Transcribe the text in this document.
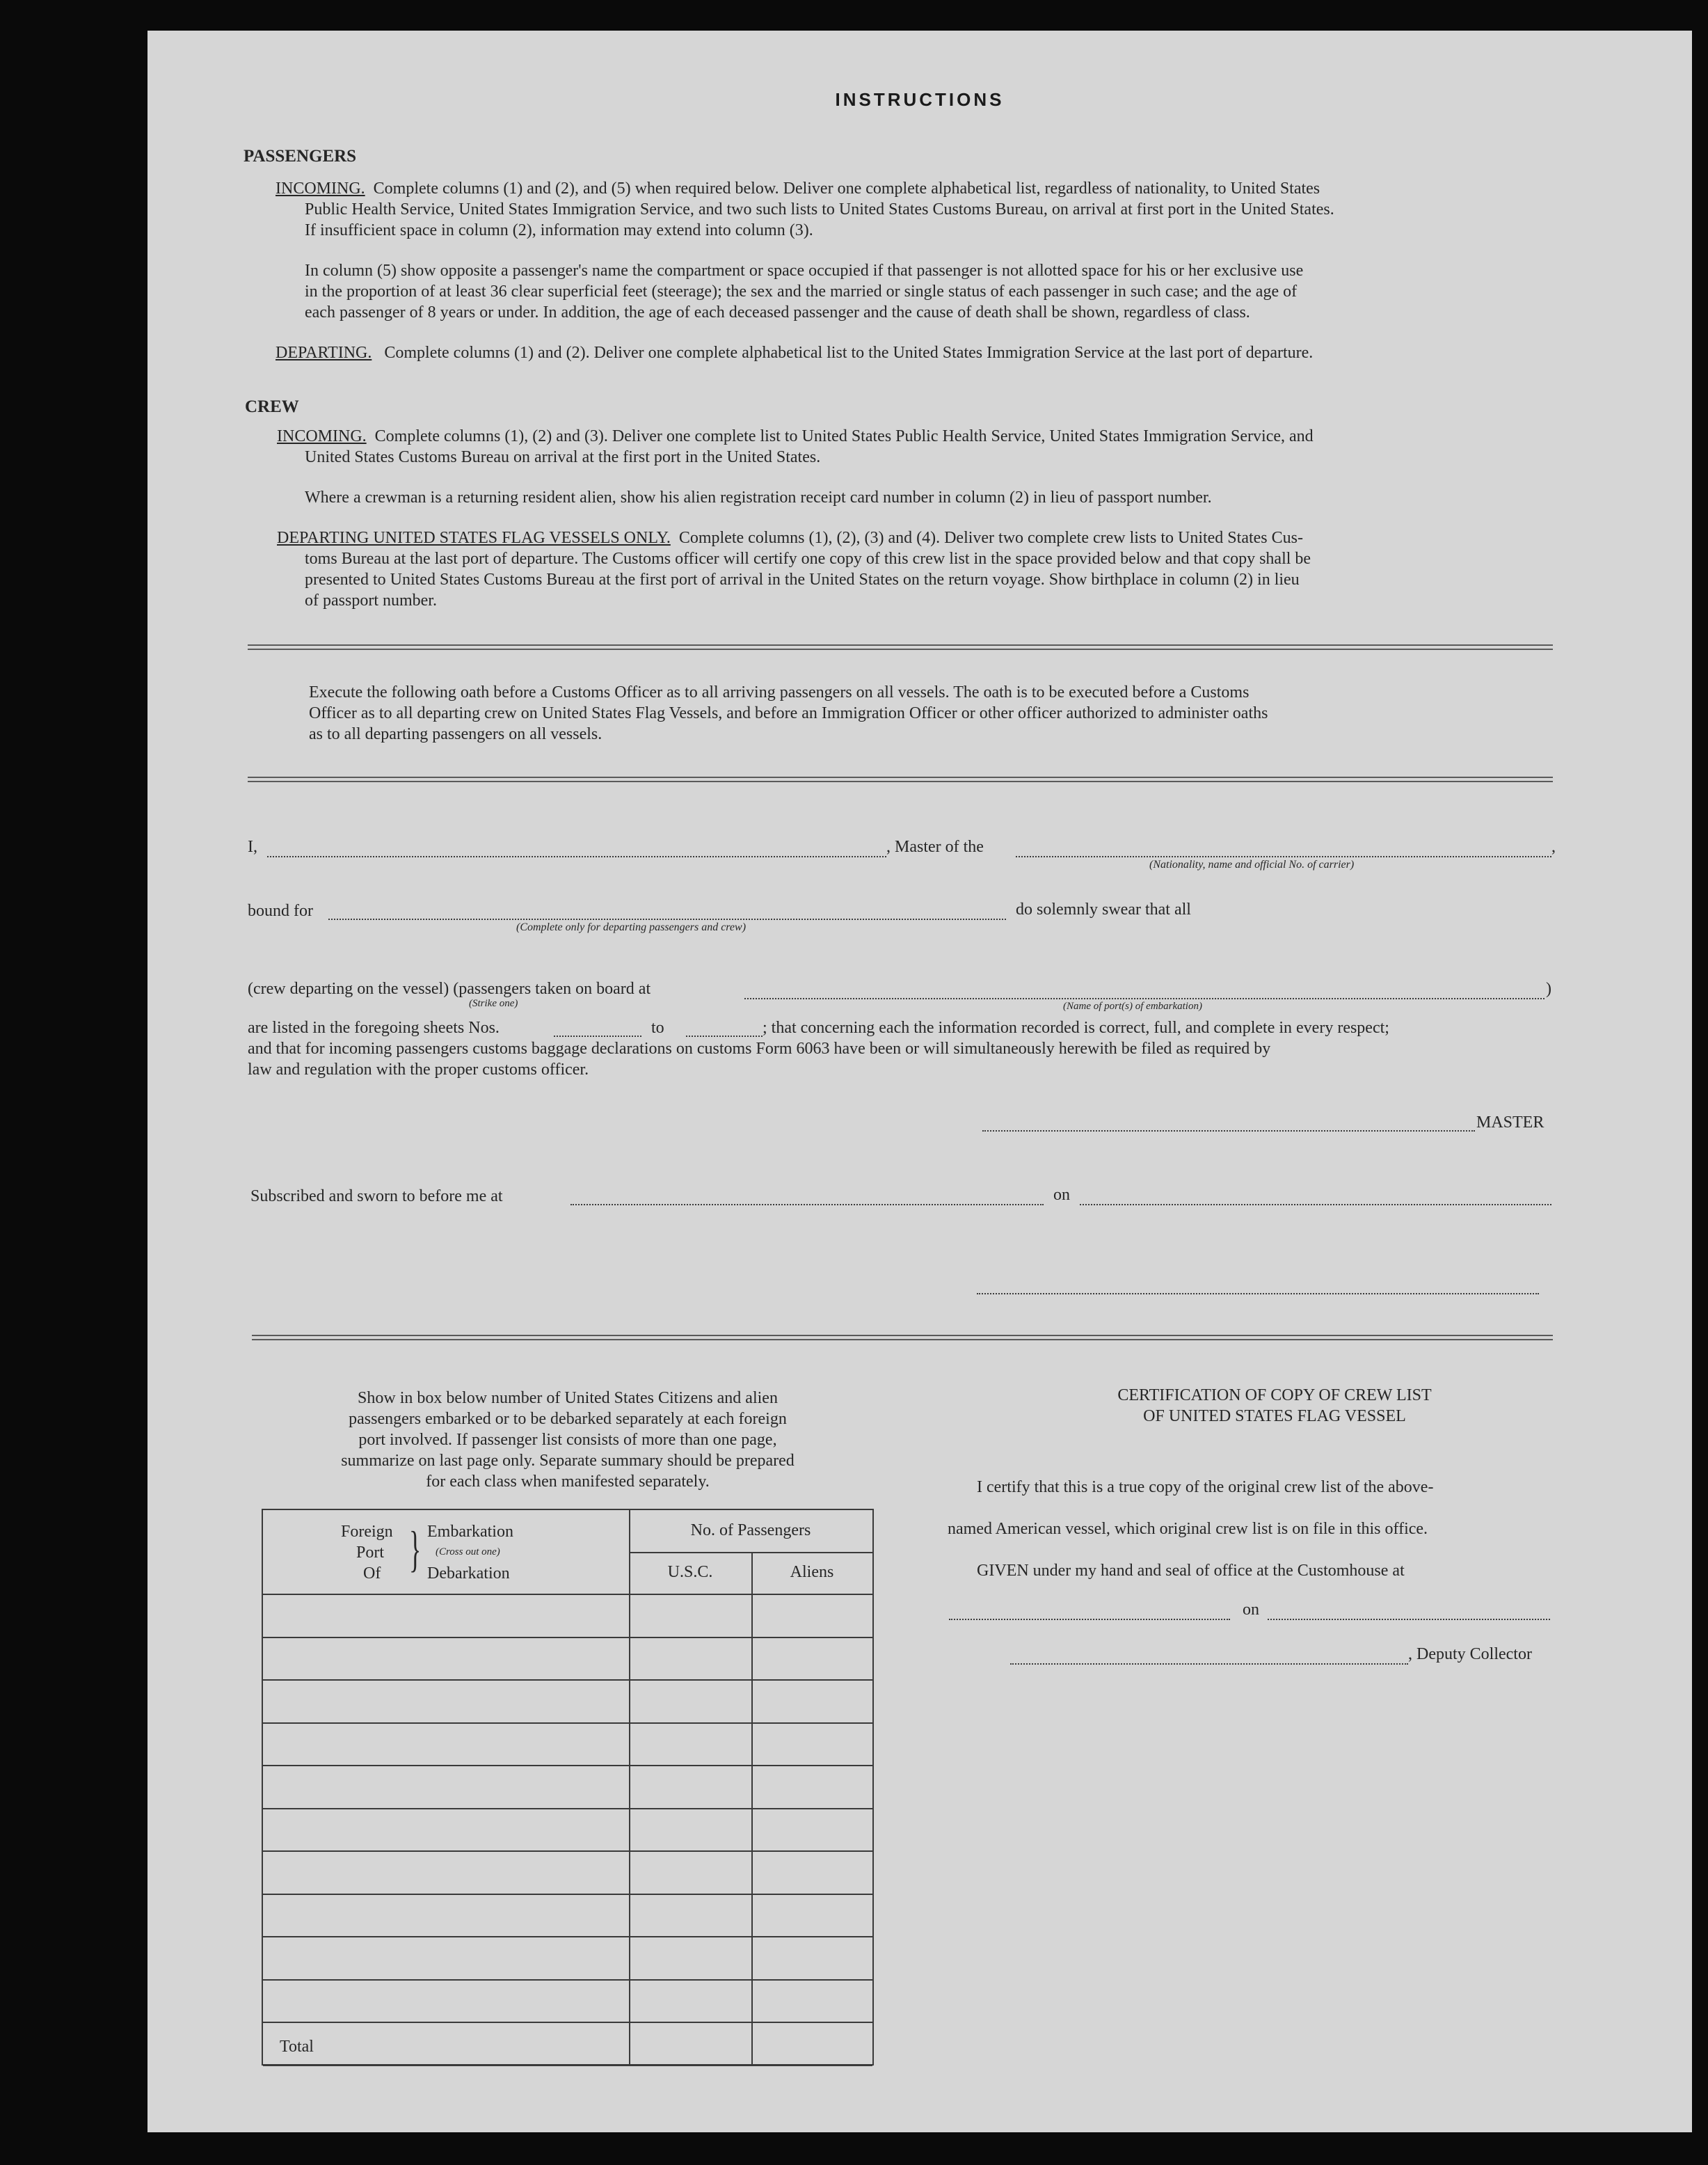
INSTRUCTIONS
PASSENGERS
INCOMING. Complete columns (1) and (2), and (5) when required below. Deliver one complete alphabetical list, regardless of nationality, to United States
Public Health Service, United States Immigration Service, and two such lists to United States Customs Bureau, on arrival at first port in the United States.
If insufficient space in column (2), information may extend into column (3).
In column (5) show opposite a passenger's name the compartment or space occupied if that passenger is not allotted space for his or her exclusive use
in the proportion of at least 36 clear superficial feet (steerage); the sex and the married or single status of each passenger in such case; and the age of
each passenger of 8 years or under. In addition, the age of each deceased passenger and the cause of death shall be shown, regardless of class.
DEPARTING. Complete columns (1) and (2). Deliver one complete alphabetical list to the United States Immigration Service at the last port of departure.
CREW
INCOMING. Complete columns (1), (2) and (3). Deliver one complete list to United States Public Health Service, United States Immigration Service, and
United States Customs Bureau on arrival at the first port in the United States.
Where a crewman is a returning resident alien, show his alien registration receipt card number in column (2) in lieu of passport number.
DEPARTING UNITED STATES FLAG VESSELS ONLY. Complete columns (1), (2), (3) and (4). Deliver two complete crew lists to United States Cus-
toms Bureau at the last port of departure. The Customs officer will certify one copy of this crew list in the space provided below and that copy shall be
presented to United States Customs Bureau at the first port of arrival in the United States on the return voyage. Show birthplace in column (2) in lieu
of passport number.
Execute the following oath before a Customs Officer as to all arriving passengers on all vessels. The oath is to be executed before a Customs
Officer as to all departing crew on United States Flag Vessels, and before an Immigration Officer or other officer authorized to administer oaths
as to all departing passengers on all vessels.
I,	, Master of the	,
(Nationality, name and official No. of carrier)
bound for
(Complete only for departing passengers and crew)
do solemnly swear that all
(crew departing on the vessel) (passengers taken on board at
(Strike one)	(Name of port(s) of embarkation)
)
are listed in the foregoing sheets Nos.	to	; that concerning each the information recorded is correct, full, and complete in every respect;
and that for incoming passengers customs baggage declarations on customs Form 6063 have been or will simultaneously herewith be filed as required by
law and regulation with the proper customs officer.
MASTER
Subscribed and sworn to before me at	on
Show in box below number of United States Citizens and alien
passengers embarked or to be debarked separately at each foreign
port involved. If passenger list consists of more than one page,
summarize on last page only. Separate summary should be prepared
for each class when manifested separately.
Foreign
Port
Of } Embarkation
(Cross out one)
Debarkation
No. of Passengers
U.S.C.	Aliens
Total
CERTIFICATION OF COPY OF CREW LIST
OF UNITED STATES FLAG VESSEL
I certify that this is a true copy of the original crew list of the above-
named American vessel, which original crew list is on file in this office.
GIVEN under my hand and seal of office at the Customhouse at
on
, Deputy Collector
